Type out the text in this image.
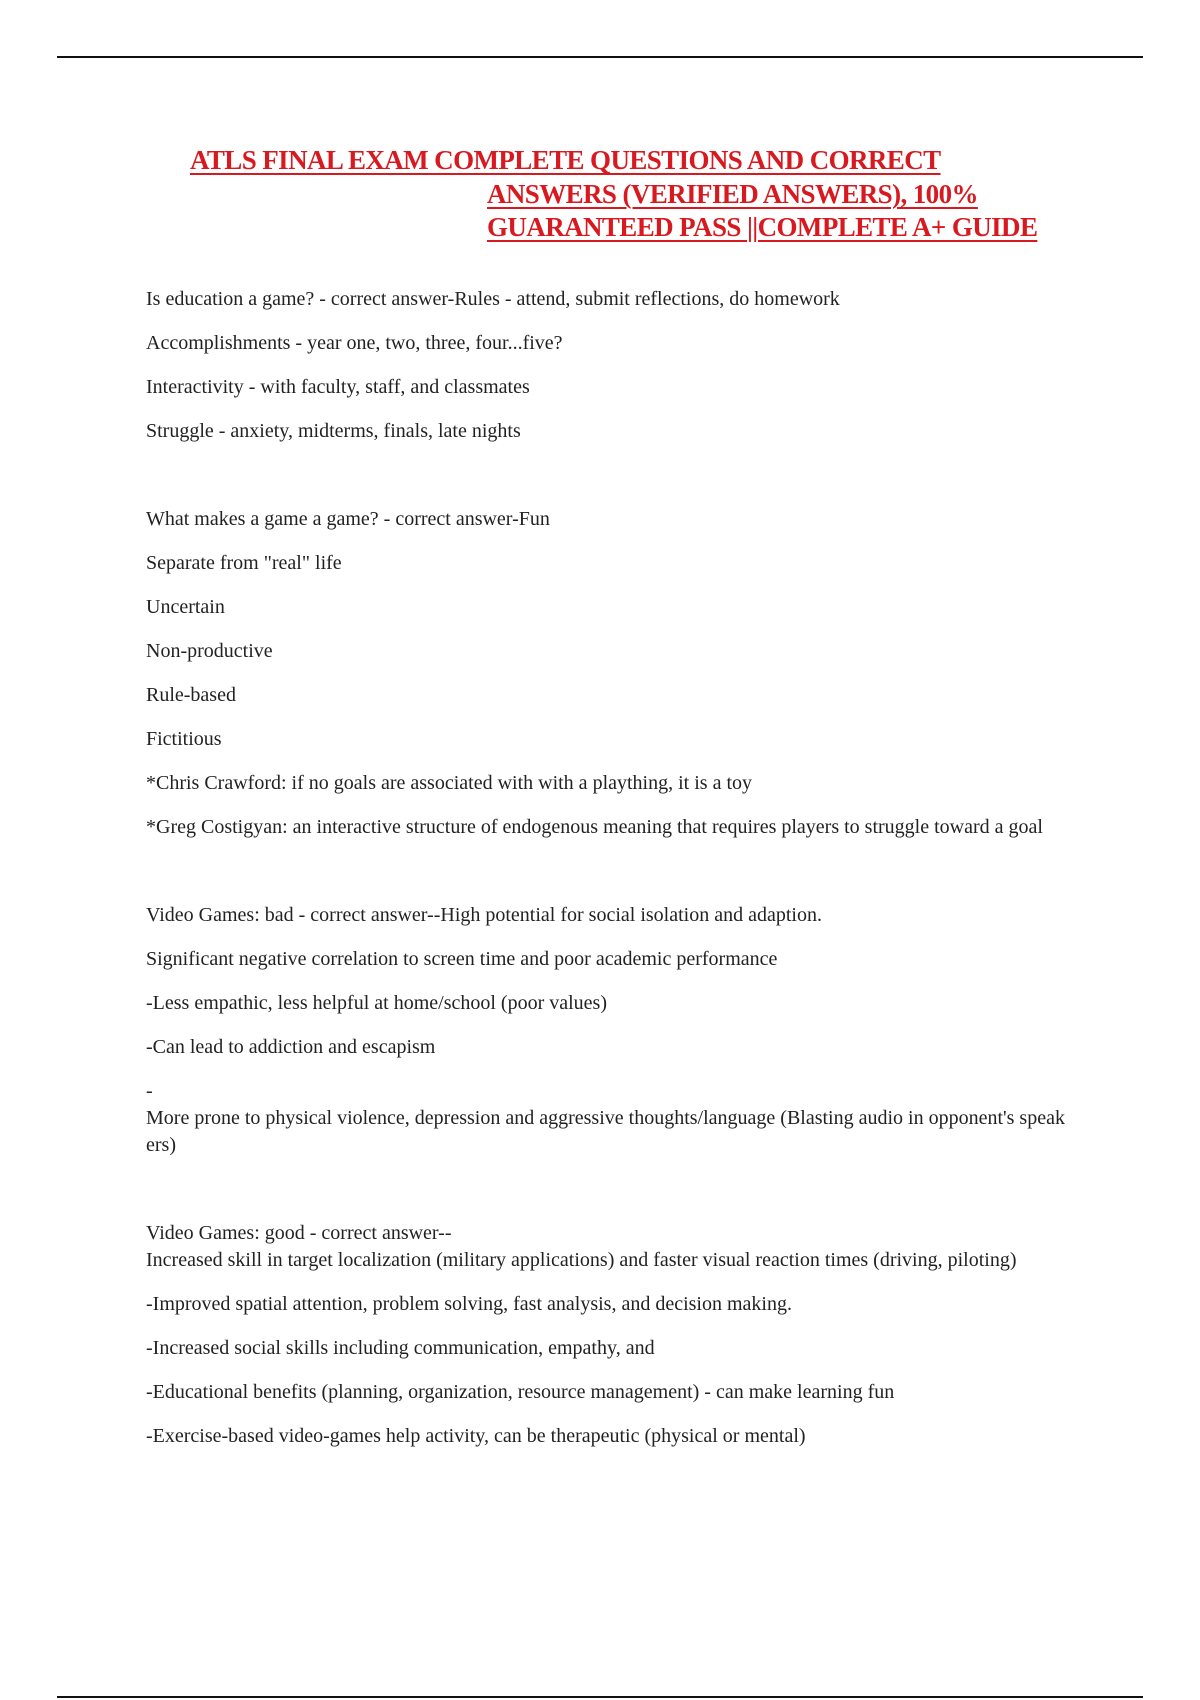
ATLS FINAL EXAM COMPLETE QUESTIONS AND CORRECT
ANSWERS (VERIFIED ANSWERS), 100%
GUARANTEED PASS ||COMPLETE A+ GUIDE

Is education a game? - correct answer-Rules - attend, submit reflections, do homework

Accomplishments - year one, two, three, four...five?

Interactivity - with faculty, staff, and classmates

Struggle - anxiety, midterms, finals, late nights

What makes a game a game? - correct answer-Fun

Separate from "real" life

Uncertain

Non-productive

Rule-based

Fictitious

*Chris Crawford: if no goals are associated with with a plaything, it is a toy

*Greg Costigyan: an interactive structure of endogenous meaning that requires players to struggle toward a goal

Video Games: bad - correct answer--High potential for social isolation and adaption.

Significant negative correlation to screen time and poor academic performance

-Less empathic, less helpful at home/school (poor values)

-Can lead to addiction and escapism

-

More prone to physical violence, depression and aggressive thoughts/language (Blasting audio in opponent's speakers)

Video Games: good - correct answer--

Increased skill in target localization (military applications) and faster visual reaction times (driving, piloting)

-Improved spatial attention, problem solving, fast analysis, and decision making.

-Increased social skills including communication, empathy, and

-Educational benefits (planning, organization, resource management) - can make learning fun

-Exercise-based video-games help activity, can be therapeutic (physical or mental)
